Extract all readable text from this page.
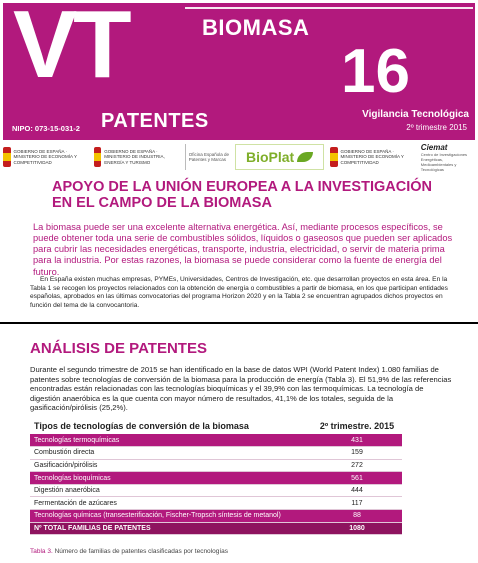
VT	BIOMASA
PATENTES
NIPO: 073-15-031-2
16
Vigilancia Tecnológica
2º trimestre 2015
GOBIERNO DE ESPAÑA · MINISTERIO DE ECONOMÍA Y COMPETITIVIDAD
GOBIERNO DE ESPAÑA · MINISTERIO DE INDUSTRIA, ENERGÍA Y TURISMO
Oficina Española de Patentes y Marcas BioPlat	GOBIERNO DE ESPAÑA · MINISTERIO DE ECONOMÍA Y COMPETITIVIDAD
Ciemat
Centro de Investigaciones Energéticas, Medioambientales y Tecnológicas
APOYO DE LA UNIÓN EUROPEA A LA INVESTIGACIÓN EN EL CAMPO DE LA BIOMASA

La biomasa puede ser una excelente alternativa energética. Así, mediante procesos específicos, se puede obtener toda una serie de combustibles sólidos, líquidos o gaseosos que pueden ser aplicados para cubrir las necesidades energéticas, transporte, industria, electricidad, o servir de materia prima para la industria. Por estas razones, la biomasa se puede considerar como la fuente de energía del futuro.

En España existen muchas empresas, PYMEs, Universidades, Centros de Investigación, etc. que desarrollan proyectos en esta área. En la Tabla 1 se recogen los proyectos relacionados con la obtención de energía o combustibles a partir de biomasa, en los que participan entidades españolas, aprobados en las últimas convocatorias del programa Horizon 2020 y en la Tabla 2 se encuentran agrupados dichos proyectos en función del tema de la convocantoria.

ANÁLISIS DE PATENTES

Durante el segundo trimestre de 2015 se han identificado en la base de datos WPI (World Patent Index) 1.080 familias de patentes sobre tecnologías de conversión de la biomasa para la producción de energía (Tabla 3). El 51,9% de las referencias encontradas están relacionadas con las tecnologías bioquímicas y el 39,9% con las termoquímicas. La tecnología de digestión anaeróbica es la que cuenta con mayor número de resultados, 41,1% de los totales, seguida de la gasificación/pirólisis (25,2%).

Tipos de tecnologías de conversión de la biomasa	2º trimestre. 2015
Tecnologías termoquímicas	431
Combustión directa	159
Gasificación/pirólisis	272
Tecnologías bioquímicas	561
Digestión anaeróbica	444
Fermentación de azúcares	117
Tecnologías químicas (transesterificación, Fischer-Tropsch síntesis de metanol)	88
Nº TOTAL FAMILIAS DE PATENTES	1080
Tabla 3. Número de familias de patentes clasificadas por tecnologías
